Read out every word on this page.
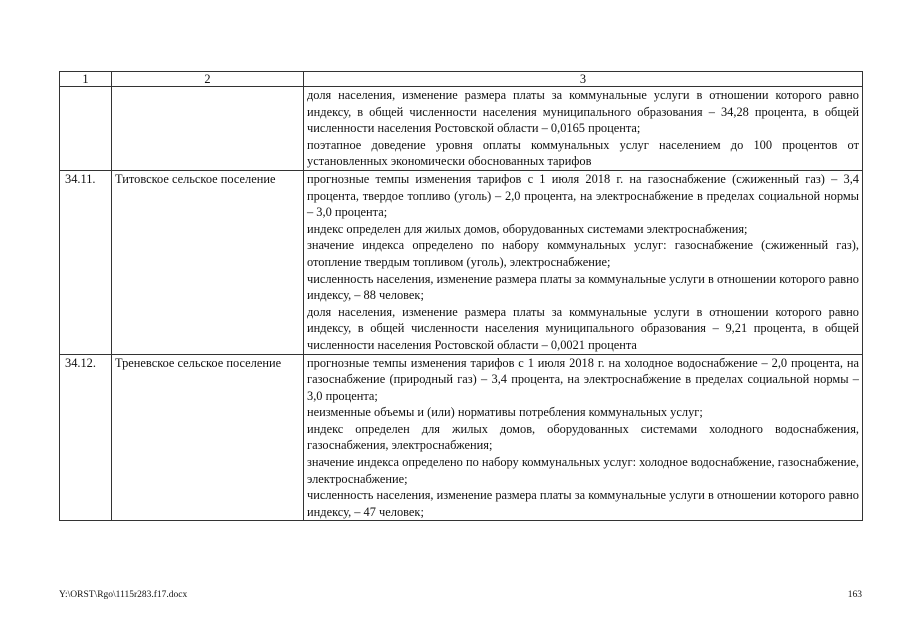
1	2	3

		доля населения, изменение размера платы за коммунальные услуги в отношении которого равно индексу, в общей численности населения муниципального образования – 34,28 процента, в общей численности населения Ростовской области – 0,0165 процента;
поэтапное доведение уровня оплаты коммунальных услуг населением до 100 процентов от установленных экономически обоснованных тарифов

34.11.	Титовское сельское поселение	прогнозные темпы изменения тарифов с 1 июля 2018 г. на газоснабжение (сжиженный газ) – 3,4 процента, твердое топливо (уголь) – 2,0 процента, на электроснабжение в пределах социальной нормы – 3,0 процента;
индекс определен для жилых домов, оборудованных системами электроснабжения;
значение индекса определено по набору коммунальных услуг: газоснабжение (сжиженный газ), отопление твердым топливом (уголь), электроснабжение;
численность населения, изменение размера платы за коммунальные услуги в отношении которого равно индексу, – 88 человек;
доля населения, изменение размера платы за коммунальные услуги в отношении которого равно индексу, в общей численности населения муниципального образования – 9,21 процента, в общей численности населения Ростовской области – 0,0021 процента

34.12.	Треневское сельское поселение	прогнозные темпы изменения тарифов с 1 июля 2018 г. на холодное водоснабжение – 2,0 процента, на газоснабжение (природный газ) – 3,4 процента, на электроснабжение в пределах социальной нормы – 3,0 процента;
неизменные объемы и (или) нормативы потребления коммунальных услуг;
индекс определен для жилых домов, оборудованных системами холодного водоснабжения, газоснабжения, электроснабжения;
значение индекса определено по набору коммунальных услуг: холодное водоснабжение, газоснабжение, электроснабжение;
численность населения, изменение размера платы за коммунальные услуги в отношении которого равно индексу, – 47 человек;
Y:\ORST\Rgo\1115r283.f17.docx	163
